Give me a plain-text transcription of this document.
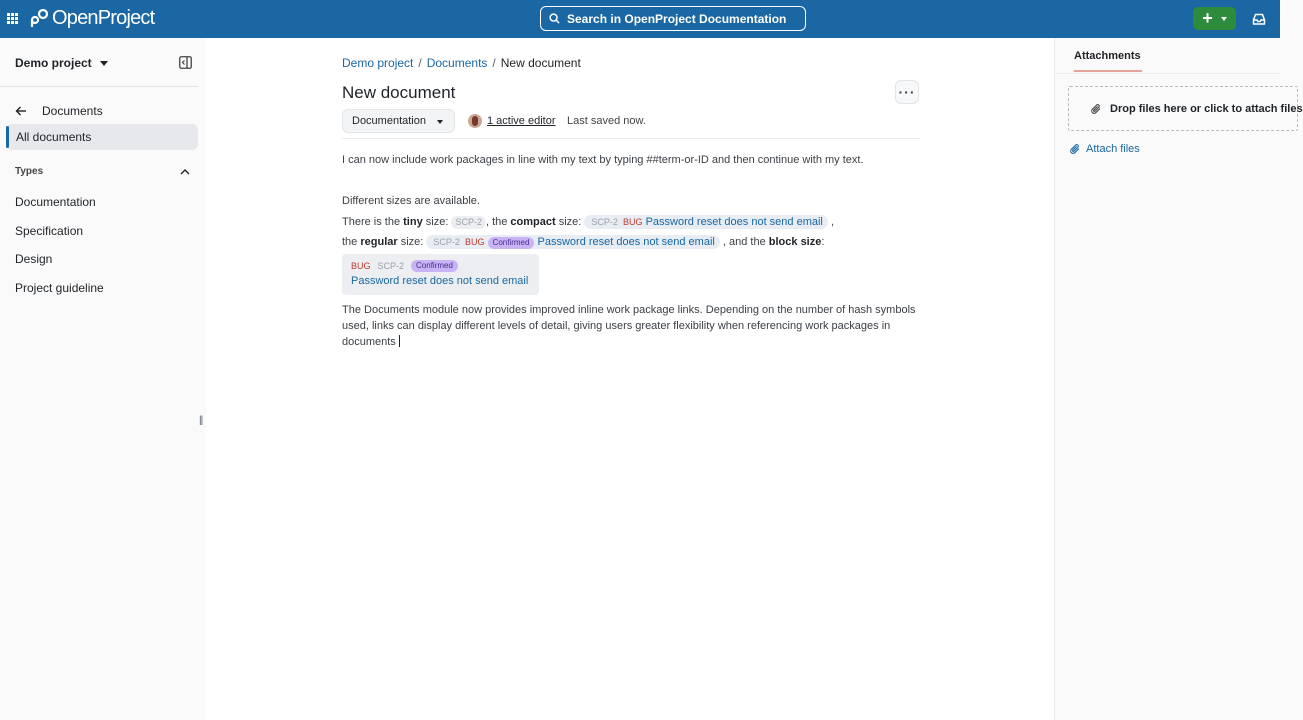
OpenProject	Search in OpenProject Documentation	+
Demo project
Documents
All documents
Types
Documentation
Specification
Design
Project guideline
||
Demo project / Documents / New document
New document	···
Documentation	1 active editor Last saved now.
I can now include work packages in line with my text by typing ##term-or-ID and then continue with my text.
Different sizes are available.
There is the tiny size: SCP-2 , the compact size: SCP-2 BUG Password reset does not send email ,
the regular size: SCP-2 BUG Confirmed Password reset does not send email , and the block size:
BUG SCP-2	Confirmed
Password reset does not send email
The Documents module now provides improved inline work package links. Depending on the number of hash symbols used, links can display different levels of detail, giving users greater flexibility when referencing work packages in documents
Attachments
Drop files here or click to attach files
Attach files
